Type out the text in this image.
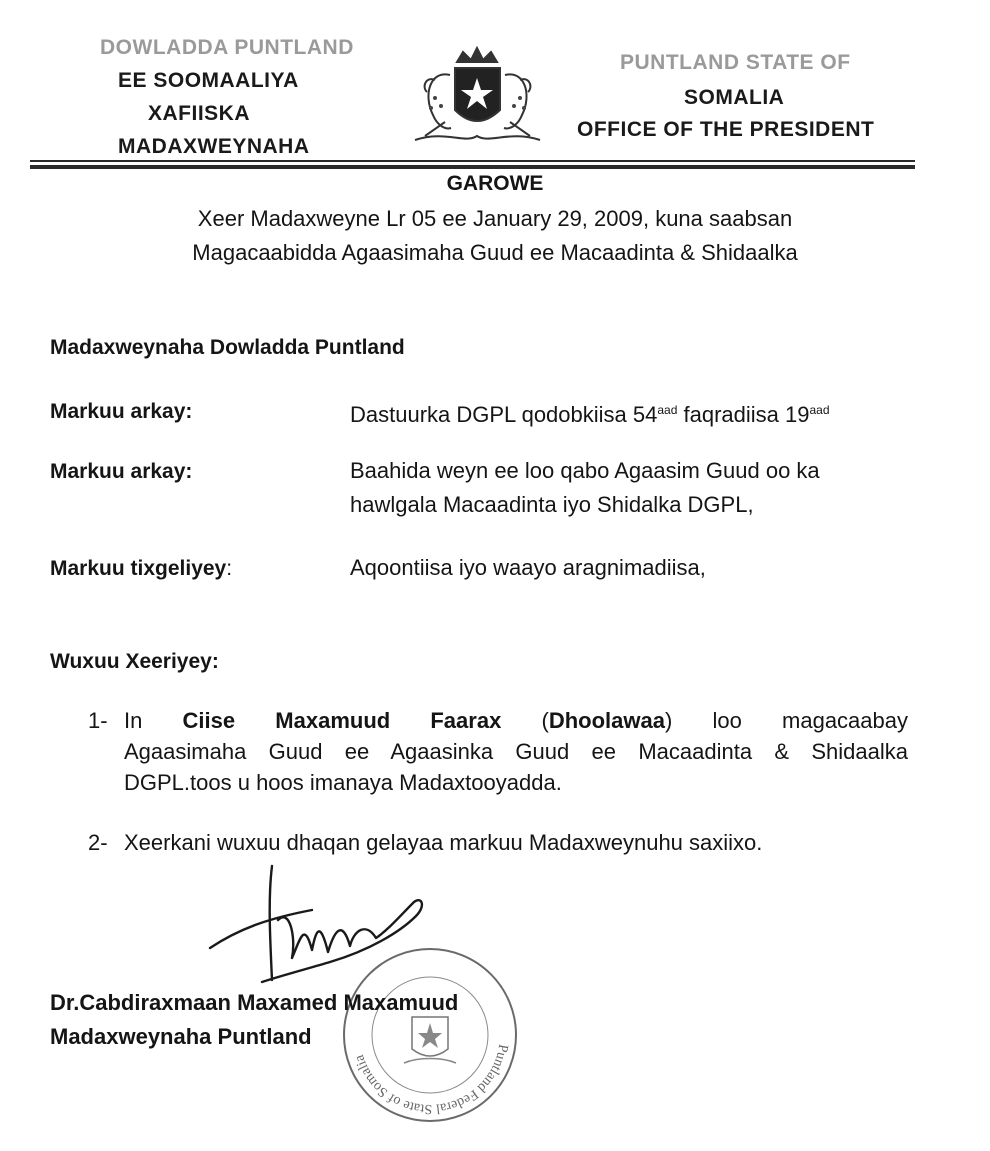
DOWLADDA PUNTLAND
EE SOOMAALIYA
XAFIISKA
MADAXWEYNAHA
PUNTLAND STATE OF
SOMALIA
OFFICE OF THE PRESIDENT
GAROWE
Xeer Madaxweyne Lr 05 ee January 29, 2009, kuna saabsan
Magacaabidda Agaasimaha Guud ee Macaadinta & Shidaalka
Madaxweynaha Dowladda Puntland
Markuu arkay:	Dastuurka DGPL qodobkiisa $54^{aad}$ faqradiisa $19^{aad}$
Markuu arkay:	Baahida weyn ee loo qabo Agaasim Guud oo ka
hawlgala Macaadinta iyo Shidalka DGPL,
Markuu tixgeliyey:	Aqoontiisa iyo waayo aragnimadiisa,
Wuxuu Xeeriyey:
1- In Ciise Maxamuud Faarax (Dhoolawaa) loo magacaabay
Agaasimaha Guud ee Agaasinka Guud ee Macaadinta & Shidaalka
DGPL.toos u hoos imanaya Madaxtooyadda.
2- Xeerkani wuxuu dhaqan gelayaa markuu Madaxweynuhu saxiixo.
Puntland Federal State of Somalia
Dr.Cabdiraxmaan Maxamed Maxamuud
Madaxweynaha Puntland
